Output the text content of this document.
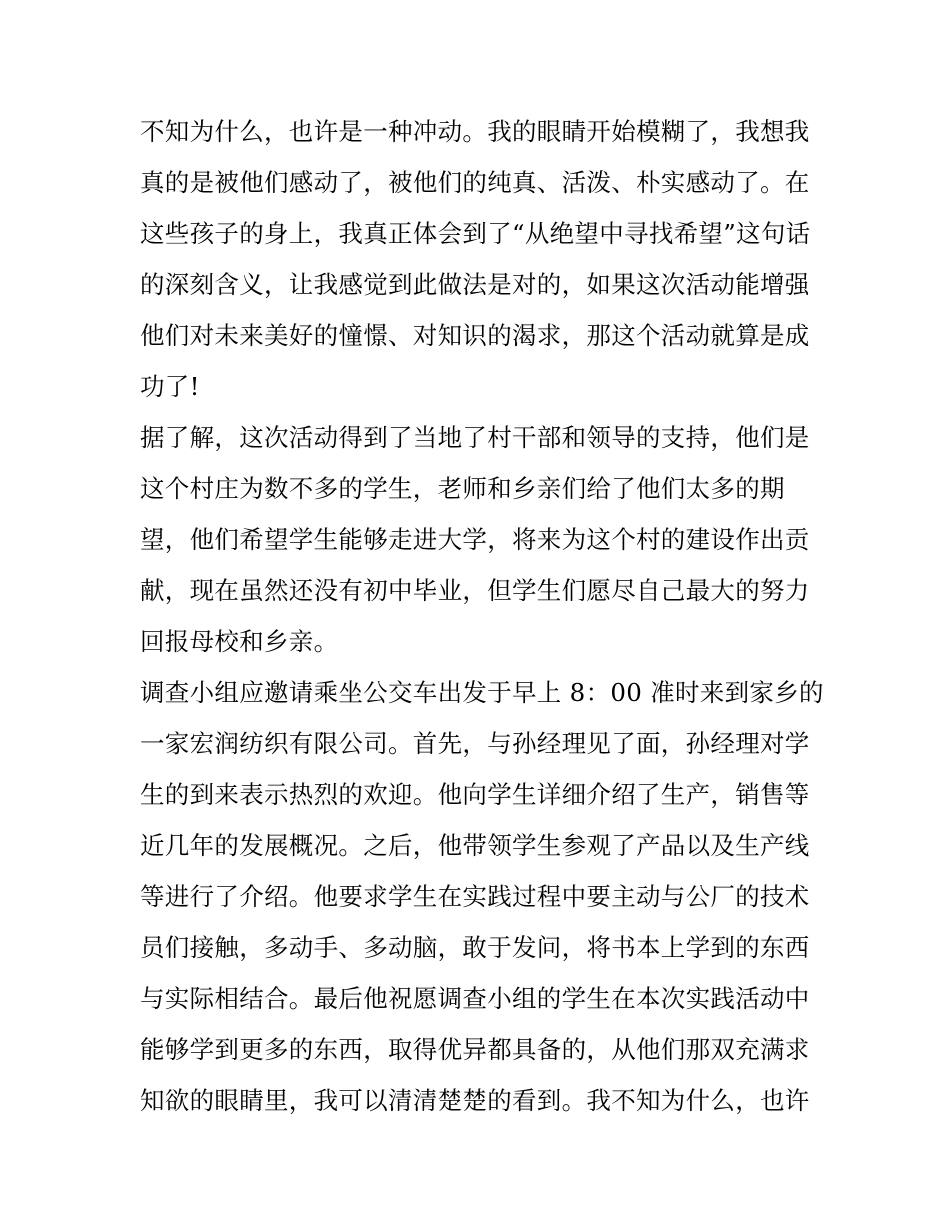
不知为什么，也许是一种冲动。我的眼睛开始模糊了，我想我
真的是被他们感动了，被他们的纯真、活泼、朴实感动了。在
这些孩子的身上，我真正体会到了“从绝望中寻找希望”这句话
的深刻含义，让我感觉到此做法是对的，如果这次活动能增强
他们对未来美好的憧憬、对知识的渴求，那这个活动就算是成
功了!
据了解，这次活动得到了当地了村干部和领导的支持，他们是
这个村庄为数不多的学生，老师和乡亲们给了他们太多的期
望，他们希望学生能够走进大学，将来为这个村的建设作出贡
献，现在虽然还没有初中毕业，但学生们愿尽自己最大的努力
回报母校和乡亲。
调查小组应邀请乘坐公交车出发于早上 8：00 准时来到家乡的
一家宏润纺织有限公司。首先，与孙经理见了面，孙经理对学
生的到来表示热烈的欢迎。他向学生详细介绍了生产，销售等
近几年的发展概况。之后，他带领学生参观了产品以及生产线
等进行了介绍。他要求学生在实践过程中要主动与公厂的技术
员们接触，多动手、多动脑，敢于发问，将书本上学到的东西
与实际相结合。最后他祝愿调查小组的学生在本次实践活动中
能够学到更多的东西，取得优异都具备的，从他们那双充满求
知欲的眼睛里，我可以清清楚楚的看到。我不知为什么，也许
